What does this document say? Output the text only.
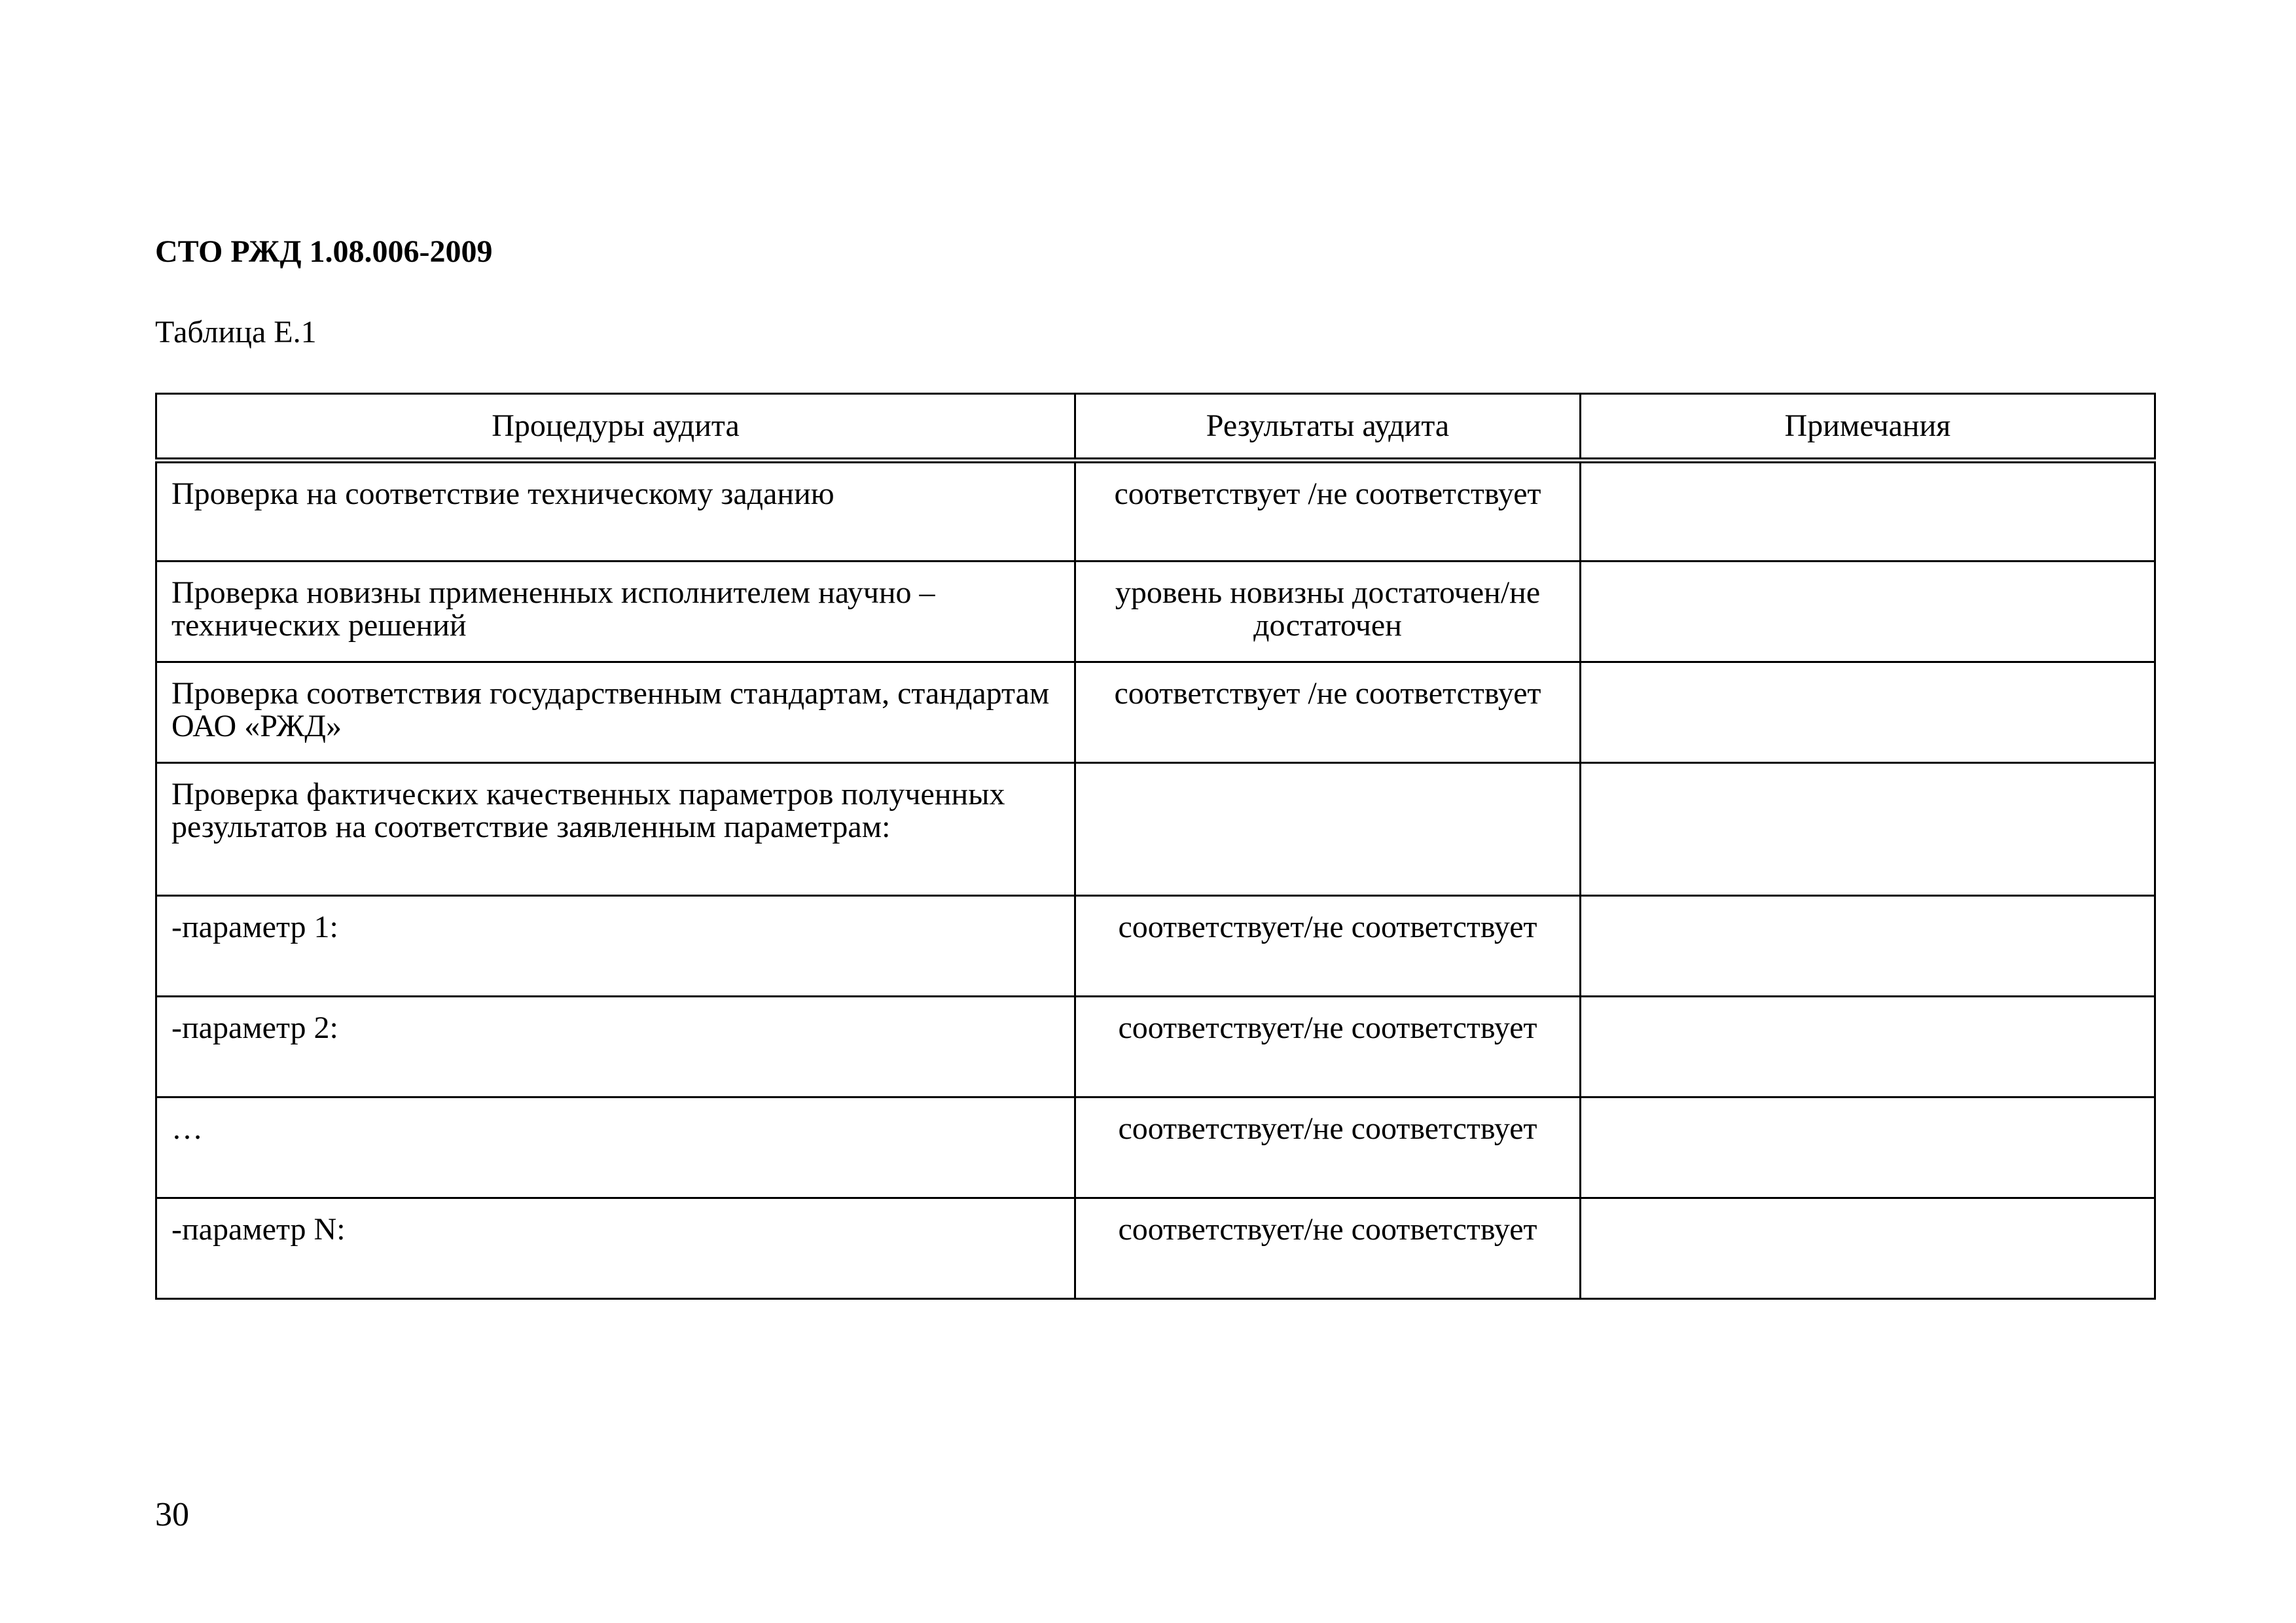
СТО РЖД 1.08.006-2009
Таблица Е.1
Процедуры аудита	Результаты аудита	Примечания
Проверка на соответствие техническому заданию	соответствует /не соответствует	
Проверка новизны примененных исполнителем научно – технических решений	уровень новизны достаточен/не достаточен	
Проверка соответствия государственным стандартам, стандартам ОАО «РЖД»	соответствует /не соответствует	
Проверка фактических качественных параметров полученных результатов на соответствие заявленным параметрам:		
-параметр 1:	соответствует/не соответствует	
-параметр 2:	соответствует/не соответствует	
…	соответствует/не соответствует	
-параметр N:	соответствует/не соответствует	
30
